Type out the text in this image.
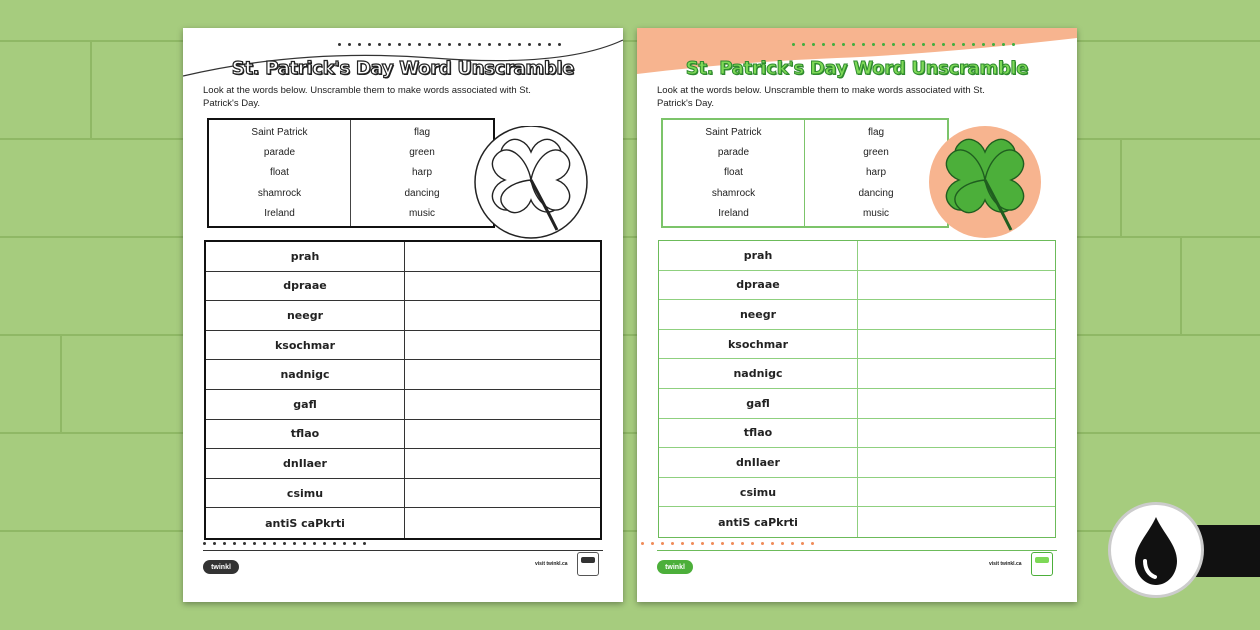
St. Patrick's Day Word Unscramble
Look at the words below. Unscramble them to make words associated with St. Patrick's Day.
Saint Patrick
parade
float
shamrock
Ireland
flag
green
harp
dancing
music
prah
dpraae
neegr
ksochmar
nadnigc
gafl
tflao
dnIlaer
csimu
antiS caPkrti
twinkl	visit twinkl.ca
St. Patrick's Day Word Unscramble
Look at the words below. Unscramble them to make words associated with St. Patrick's Day.
Saint Patrick
parade
float
shamrock
Ireland
flag
green
harp
dancing
music
prah
dpraae
neegr
ksochmar
nadnigc
gafl
tflao
dnIlaer
csimu
antiS caPkrti
twinkl	visit twinkl.ca
